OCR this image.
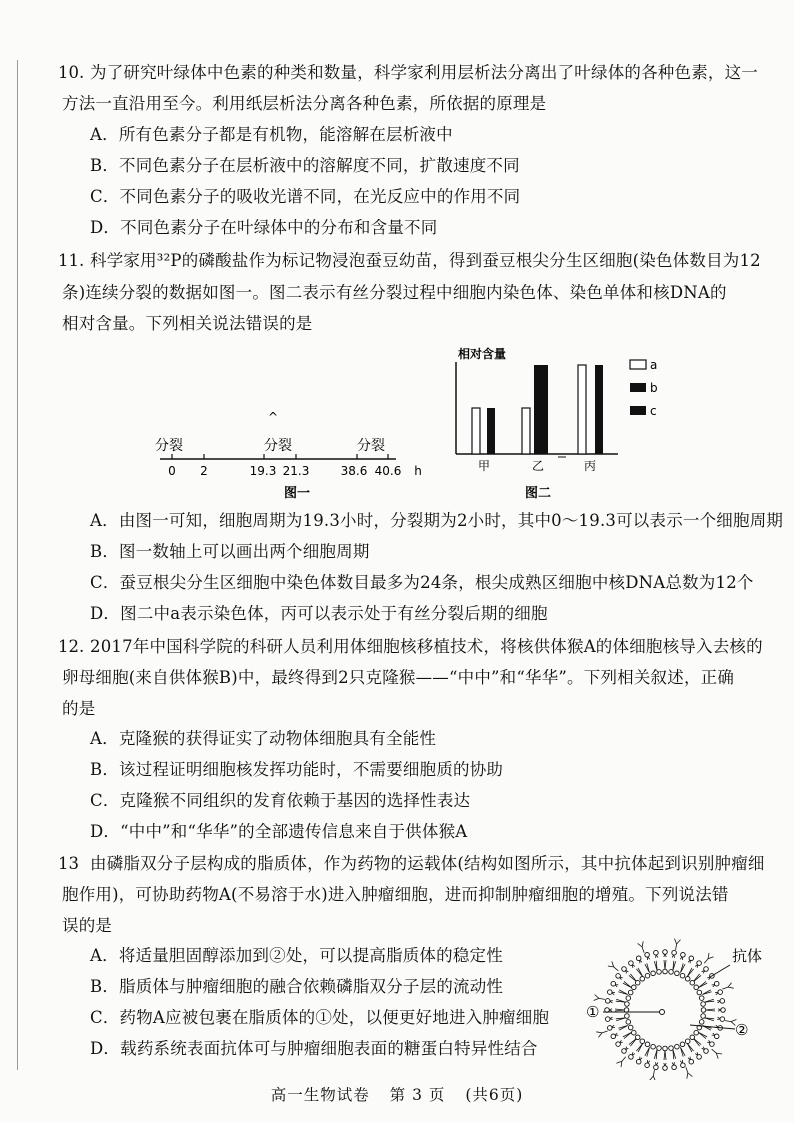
10. 为了研究叶绿体中色素的种类和数量，科学家利用层析法分离出了叶绿体的各种色素，这一
方法一直沿用至今。利用纸层析法分离各种色素，所依据的原理是
A．所有色素分子都是有机物，能溶解在层析液中
B．不同色素分子在层析液中的溶解度不同，扩散速度不同
C．不同色素分子的吸收光谱不同，在光反应中的作用不同
D．不同色素分子在叶绿体中的分布和含量不同
11. 科学家用³²P的磷酸盐作为标记物浸泡蚕豆幼苗，得到蚕豆根尖分生区细胞(染色体数目为12
条)连续分裂的数据如图一。图二表示有丝分裂过程中细胞内染色体、染色单体和核DNA的
相对含量。下列相关说法错误的是
^
分裂	分裂	分裂
0 2	19.3 21.3	38.6 40.6 h
图一
相对含量
a
b
c
甲	乙	丙
图二
A．由图一可知，细胞周期为19.3小时，分裂期为2小时，其中0～19.3可以表示一个细胞周期
B．图一数轴上可以画出两个细胞周期
C．蚕豆根尖分生区细胞中染色体数目最多为24条，根尖成熟区细胞中核DNA总数为12个
D．图二中a表示染色体，丙可以表示处于有丝分裂后期的细胞
12. 2017年中国科学院的科研人员利用体细胞核移植技术，将核供体猴A的体细胞核导入去核的
卵母细胞(来自供体猴B)中，最终得到2只克隆猴——“中中”和“华华”。下列相关叙述，正确
的是
A．克隆猴的获得证实了动物体细胞具有全能性
B．该过程证明细胞核发挥功能时，不需要细胞质的协助
C．克隆猴不同组织的发育依赖于基因的选择性表达
D．“中中”和“华华”的全部遗传信息来自于供体猴A
13 由磷脂双分子层构成的脂质体，作为药物的运载体(结构如图所示，其中抗体起到识别肿瘤细
胞作用)，可协助药物A(不易溶于水)进入肿瘤细胞，进而抑制肿瘤细胞的增殖。下列说法错
误的是
A．将适量胆固醇添加到②处，可以提高脂质体的稳定性
B．脂质体与肿瘤细胞的融合依赖磷脂双分子层的流动性
C．药物A应被包裹在脂质体的①处，以便更好地进入肿瘤细胞
D．载药系统表面抗体可与肿瘤细胞表面的糖蛋白特异性结合
抗体
①
②
高一生物试卷 第 3 页 (共6页)
